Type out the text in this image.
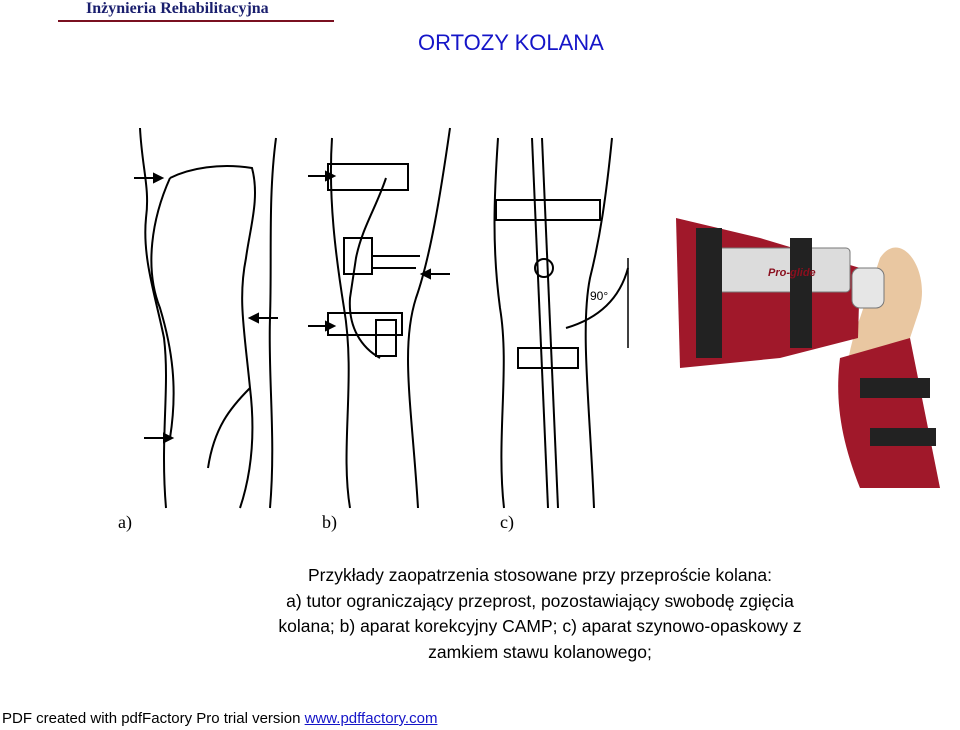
Inżynieria Rehabilitacyjna
ORTOZY KOLANA
90°
Pro-glide
a)	b)	c)
Przykłady zaopatrzenia stosowane przy przeproście kolana:
a) tutor ograniczający przeprost, pozostawiający swobodę zgięcia
kolana; b) aparat korekcyjny CAMP; c) aparat szynowo-opaskowy z
zamkiem stawu kolanowego;
PDF created with pdfFactory Pro trial version www.pdffactory.com
